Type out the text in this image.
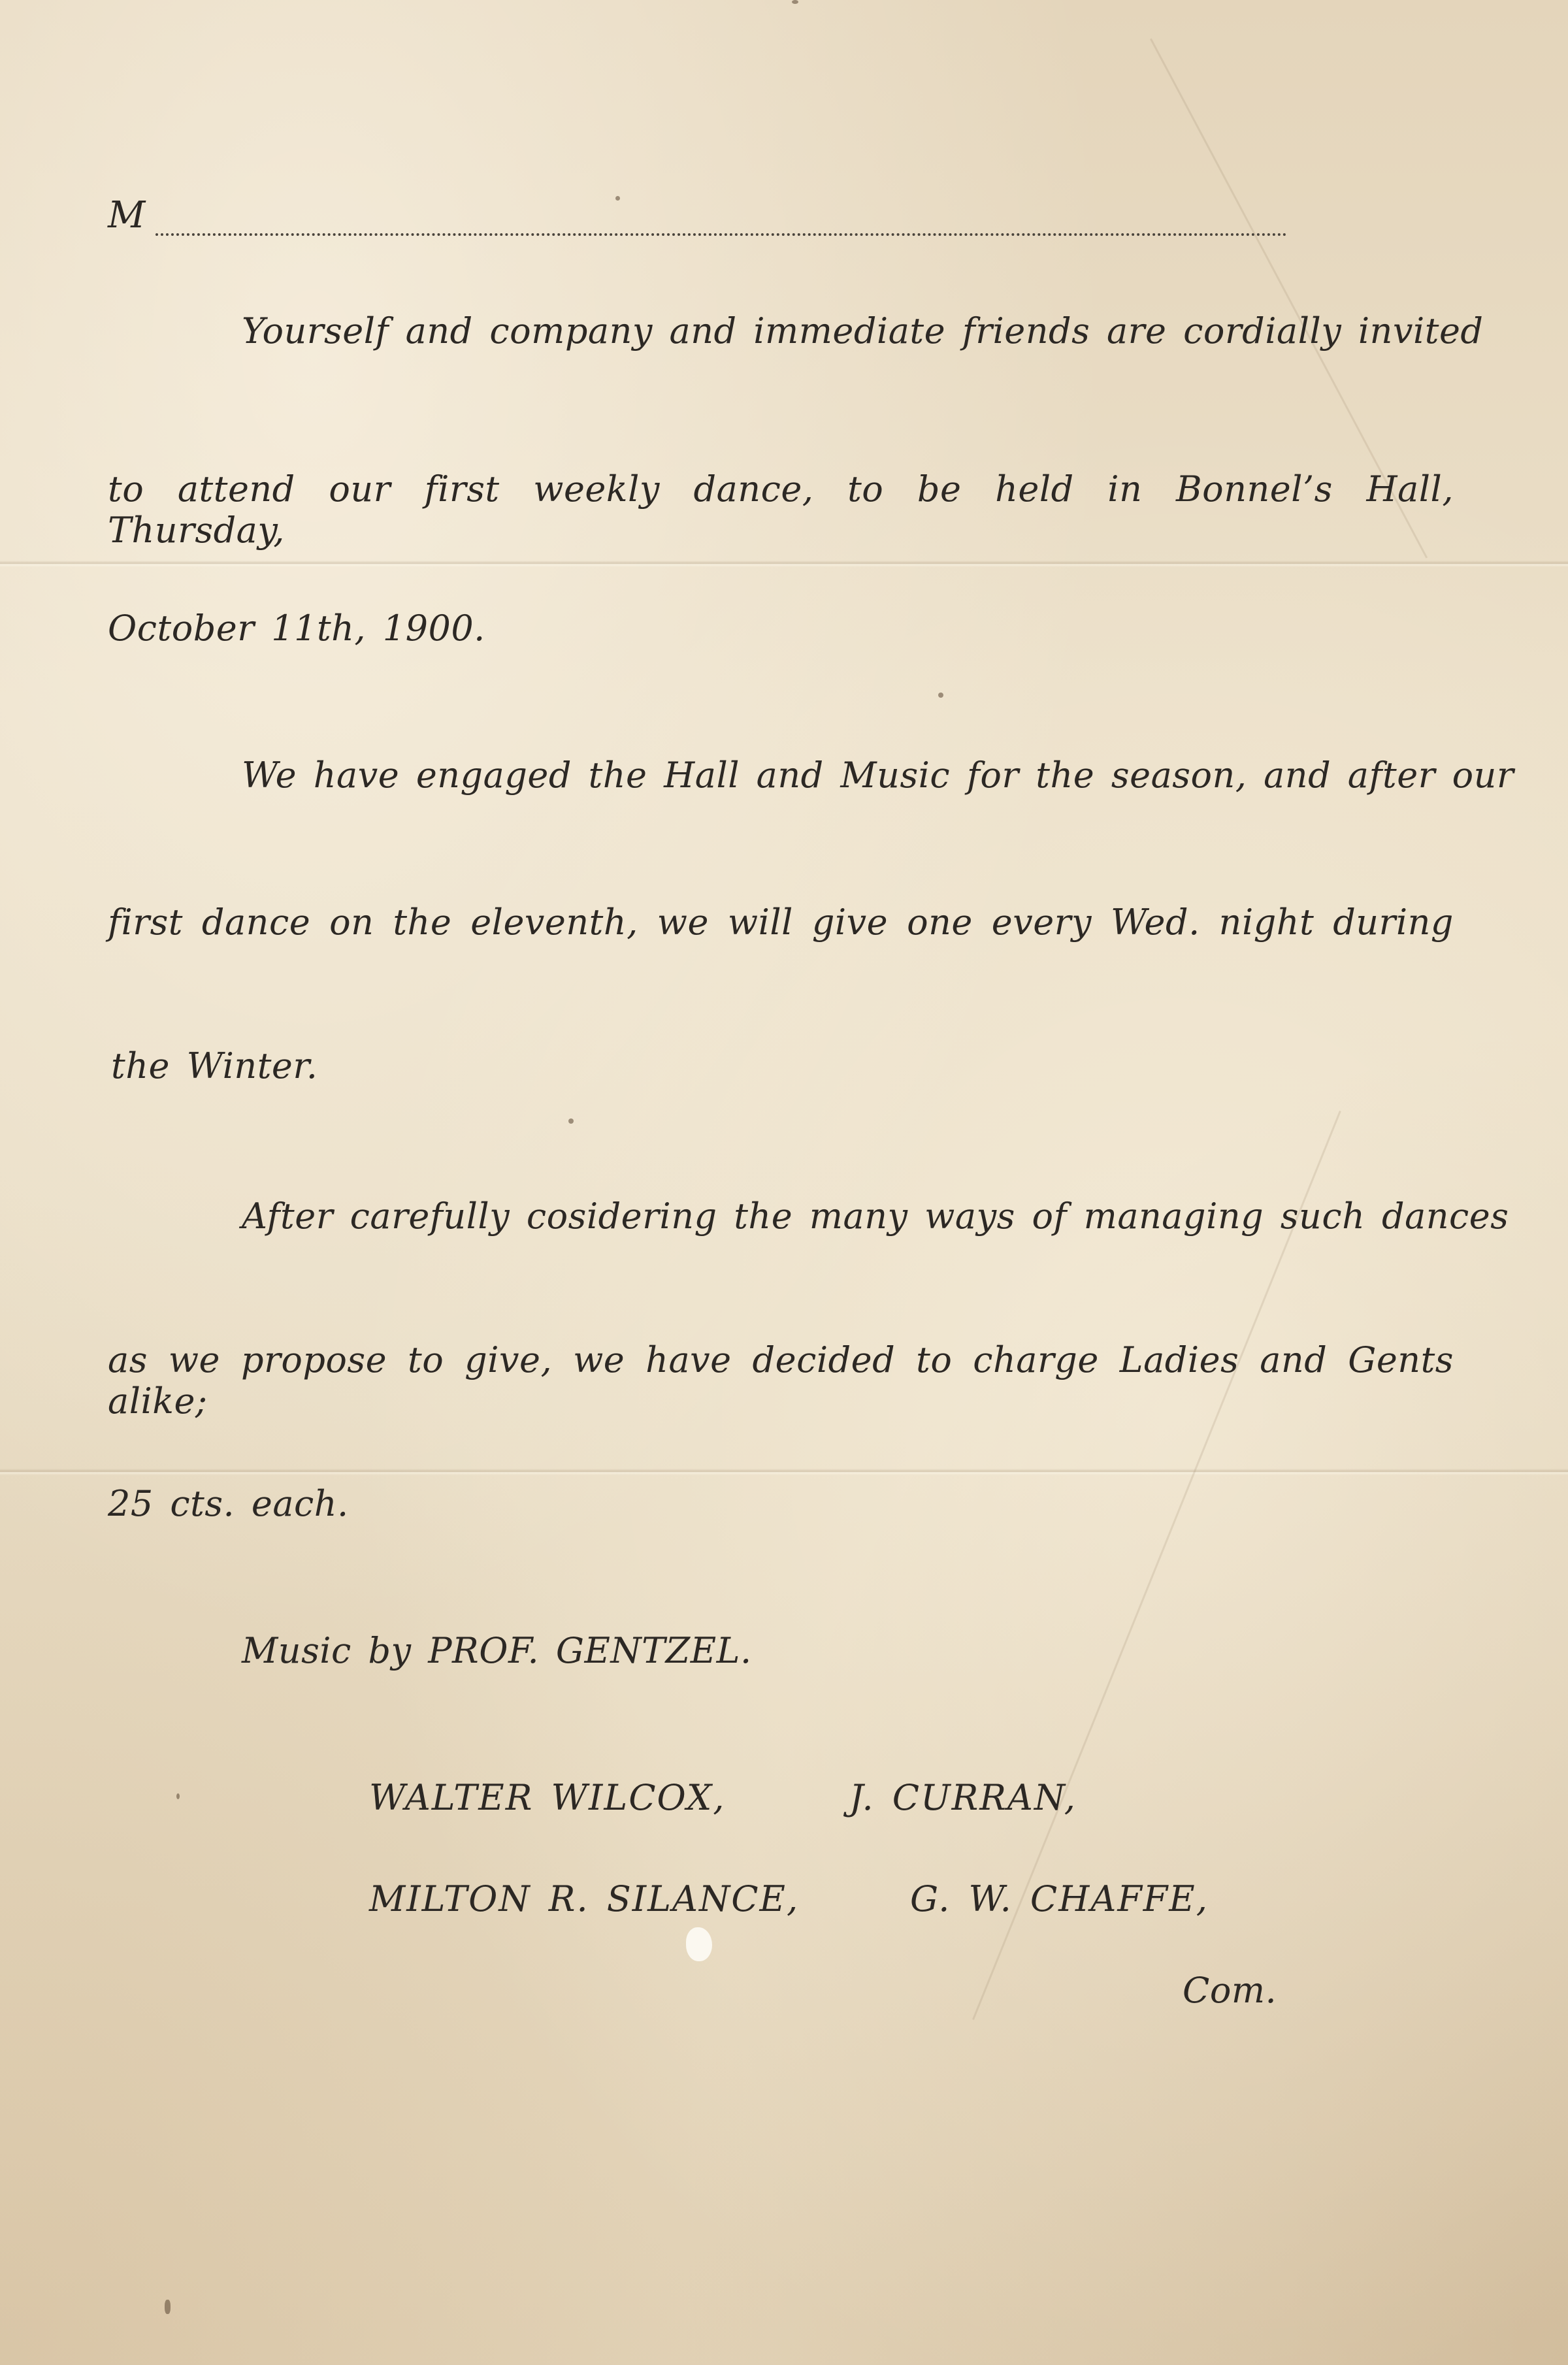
M
Yourself and company and immediate friends are cordially invited
to attend our first weekly dance, to be held in Bonnel’s Hall, Thursday,
October 11th, 1900.
We have engaged the Hall and Music for the season, and after our
first dance on the eleventh, we will give one every Wed. night during
the Winter.
After carefully cosidering the many ways of managing such dances
as we propose to give, we have decided to charge Ladies and Gents alike;
25 cts. each.
Music by PROF. GENTZEL.
WALTER WILCOX,	J. CURRAN,
MILTON R. SILANCE,	G. W. CHAFFE,
Com.
